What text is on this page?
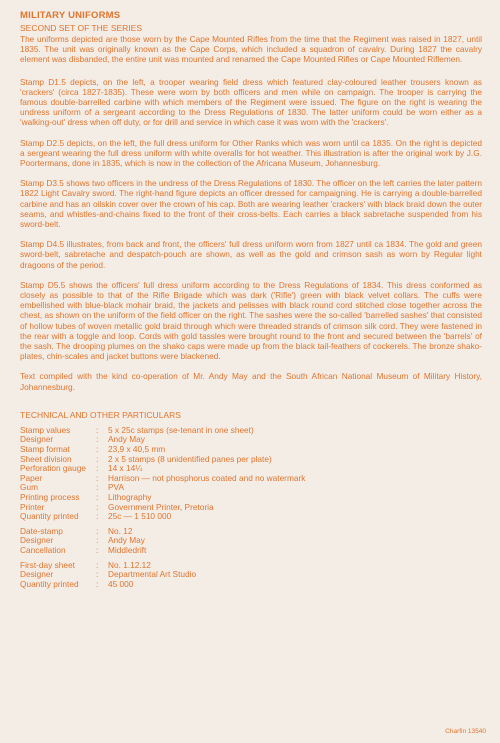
MILITARY UNIFORMS
SECOND SET OF THE SERIES

The uniforms depicted are those worn by the Cape Mounted Rifles from the time that the Regiment was raised in 1827, until 1835. The unit was originally known as the Cape Corps, which included a squadron of cavalry. During 1827 the cavalry element was disbanded, the entire unit was mounted and renamed the Cape Mounted Rifles or Cape Mounted Riflemen.

Stamp D1.5 depicts, on the left, a trooper wearing field dress which featured clay-coloured leather trousers known as 'crackers' (circa 1827-1835). These were worn by both officers and men while on campaign. The trooper is carrying the famous double-barrelled carbine with which members of the Regiment were issued. The figure on the right is wearing the undress uniform of a sergeant according to the Dress Regulations of 1830. The latter uniform could be worn either as a 'walking-out' dress when off duty, or for drill and service in which case it was worn with the 'crackers'.

Stamp D2.5 depicts, on the left, the full dress uniform for Other Ranks which was worn until ca 1835. On the right is depicted a sergeant wearing the full dress uniform with white overalls for hot weather. This illustration is after the original work by J.G. Poortermans, done in 1835, which is now in the collection of the Africana Museum, Johannesburg.

Stamp D3.5 shows two officers in the undress of the Dress Regulations of 1830. The officer on the left carries the later pattern 1822 Light Cavalry sword. The right-hand figure depicts an officer dressed for campaigning. He is carrying a double-barrelled carbine and has an oilskin cover over the crown of his cap. Both are wearing leather 'crackers' with black braid down the outer seams, and whistles-and-chains fixed to the front of their cross-belts. Each carries a black sabretache suspended from his sword-belt.

Stamp D4.5 illustrates, from back and front, the officers' full dress uniform worn from 1827 until ca 1834. The gold and green sword-belt, sabretache and despatch-pouch are shown, as well as the gold and crimson sash as worn by Regular light dragoons of the period.

Stamp D5.5 shows the officers' full dress uniform according to the Dress Regulations of 1834. This dress conformed as closely as possible to that of the Rifle Brigade which was dark ('Rifle') green with black velvet collars. The cuffs were embellished with blue-black mohair braid, the jackets and pelisses with black round cord stitched close together across the chest, as shown on the uniform of the field officer on the right. The sashes were the so-called 'barrelled sashes' that consisted of hollow tubes of woven metallic gold braid through which were threaded strands of crimson silk cord. They were fastened in the rear with a toggle and loop. Cords with gold tassles were brought round to the front and secured between the 'barrels' of the sash. The drooping plumes on the shako caps were made up from the black tail-feathers of cockerels. The bronze shako-plates, chin-scales and jacket buttons were blackened.

Text compiled with the kind co-operation of Mr. Andy May and the South African National Museum of Military History, Johannesburg.

TECHNICAL AND OTHER PARTICULARS
Stamp values	:	5 x 25c stamps (se-tenant in one sheet)
Designer	:	Andy May
Stamp format	:	23,9 x 40,5 mm
Sheet division	:	2 x 5 stamps (8 unidentified panes per plate)
Perforation gauge	:	14 x 14¼
Paper	:	Harrison — not phosphorus coated and no watermark
Gum	:	PVA
Printing process	:	Lithography
Printer	:	Government Printer, Pretoria
Quantity printed	:	25c — 1 510 000
Date-stamp	:	No. 12
Designer	:	Andy May
Cancellation	:	Middledrift
First-day sheet	:	No. 1.12.12
Designer	:	Departmental Art Studio
Quantity printed	:	45 000
Charfin 13540
